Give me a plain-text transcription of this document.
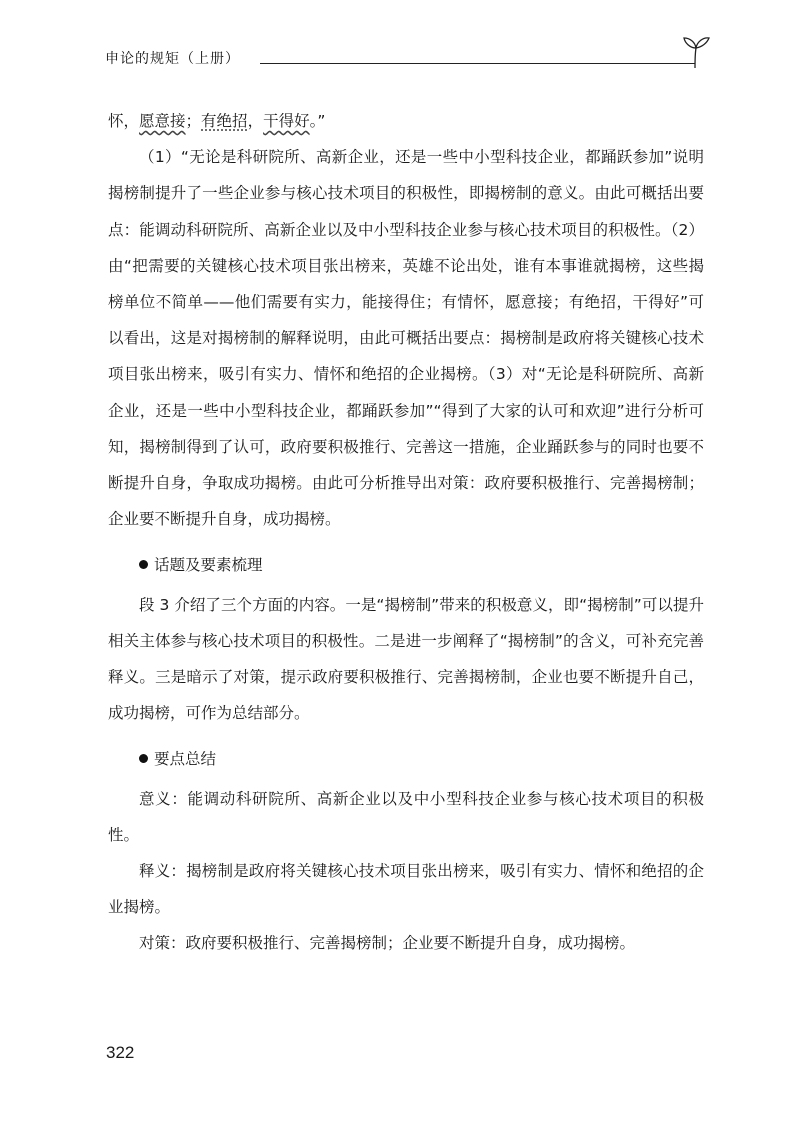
申论的规矩（上册）

怀，愿意接；有绝招，干得好。”

（1）“无论是科研院所、高新企业，还是一些中小型科技企业，都踊跃参加”说明揭榜制提升了一些企业参与核心技术项目的积极性，即揭榜制的意义。由此可概括出要点：能调动科研院所、高新企业以及中小型科技企业参与核心技术项目的积极性。（2）由“把需要的关键核心技术项目张出榜来，英雄不论出处，谁有本事谁就揭榜，这些揭榜单位不简单——他们需要有实力，能接得住；有情怀，愿意接；有绝招，干得好”可以看出，这是对揭榜制的解释说明，由此可概括出要点：揭榜制是政府将关键核心技术项目张出榜来，吸引有实力、情怀和绝招的企业揭榜。（3）对“无论是科研院所、高新企业，还是一些中小型科技企业，都踊跃参加”“得到了大家的认可和欢迎”进行分析可知，揭榜制得到了认可，政府要积极推行、完善这一措施，企业踊跃参与的同时也要不断提升自身，争取成功揭榜。由此可分析推导出对策：政府要积极推行、完善揭榜制；企业要不断提升自身，成功揭榜。

话题及要素梳理

段 3 介绍了三个方面的内容。一是“揭榜制”带来的积极意义，即“揭榜制”可以提升相关主体参与核心技术项目的积极性。二是进一步阐释了“揭榜制”的含义，可补充完善释义。三是暗示了对策，提示政府要积极推行、完善揭榜制，企业也要不断提升自己，成功揭榜，可作为总结部分。

要点总结

意义：能调动科研院所、高新企业以及中小型科技企业参与核心技术项目的积极性。

释义：揭榜制是政府将关键核心技术项目张出榜来，吸引有实力、情怀和绝招的企业揭榜。

对策：政府要积极推行、完善揭榜制；企业要不断提升自身，成功揭榜。

322
